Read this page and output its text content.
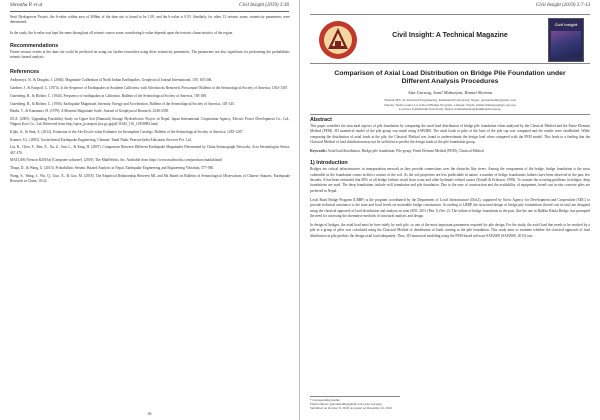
Shrestha P. et al	Civil Insight (2019) 3:36

Sesti Hydropower Project, the b-value within area of 300km of the dam site is found to be 1.09, and the b-value is 0.93. Similarly, for other 12 seismic zones, seismicity parameters were determined.

In the study, the b-value was kept the same throughout all seismic source zones considering b-value depends upon the tectonic characteristics of the region.

Recommendations

Future seismic events at the dam site could be predicted on using our further researches using these seismicity parameters. The parameters are also significant for performing the probabilistic seismic hazard analysis.

References

Ambraseys, N., & Douglas, J. (2004). Magnitude Calibration of North Indian Earthquakes. Geophysical Journal International, 159, 165-206.

Gardner, J., & Knopoff, L. (1974). Is the Sequence of Earthquakes in Southern California, with Aftershocks Removed, Poissonian? Bulletin of the Seismological Society of America, 1363-1367.

Gutenberg, B., & Richter, C. (1944). Frequency of earthquakes in California. Bulletin of the Seismological Society of America, 185-188.

Gutenberg, B., & Richter, C. (1956). Earthquake Magnitude, Intensity, Energy and Acceleration. Bulletin of the Seismological Society of America, 105-145.

Hanks, T., & Kanamori, H. (1979). A Moment Magnitude Scale. Journal of Geophysical Research, 2348-2350.

JICA. (2005). Upgrading Feasibility Study on Upper Seti (Damauli) Storage Hydroelectric Project in Nepal. Japan International Cooperation Agency, Electric Power Development Co., Ltd., Nippon Koei Co., Ltd. Retrieved from http://open_jicareport.jica.go.jp/pdf/11643_116_11858982.html

Kijko, A., & Smit, A. (2012). Extension of the Aki-Utsu b-value Estimator for Incomplete Catalogs. Bulletin of the Seismological Society of America, 1283-1287.

Kramer, S.L. (2005). Geotechnical Earthquake Engineering. Chennai, Tamil Nadu: Pearson India Education Services Pvt. Ltd.

Lin, R., Chen, Y., Ren, X., Xu, Z., Sun, L., & Yang, H. (2007). Comparison Between Different Earthquake Magnitudes Determined by China Seismograph Networks. Acta Seismologica Sinica, 467-476.

MATLAB (Version R2019a) [Computer software]. (2019). The MathWorks, Inc. Available from https://www.mathworks.com/products/matlab.html

Thapa, D., & Wang, G. (2013). Probabilistic Seismic Hazard Analysis in Nepal. Earthquake Engineering and Engineering Vibration, 577-586.

Wang, S., Wang, J., Wu, Q., Guo, X., & Gao, M. (2018). The Empirical Relationship Between ML and Ms Based on Bulletin of Seismological Observations of Chinese Stations. Earthquake Research in China, 10-22.

36
Civil Insight (2019) 3:7-13
Civil Insight: A Technical Magazine
Civil Insight
Comparison of Axial Load Distribution on Bridge Pile Foundation under Different Analysis Procedures
Aita Gurung, Sunil Maharjan, Kamal Sharma
Student MSc in Structural Engineering, Kathmandu University, Nepal, gauranneahil@gmail.com
Deputy Team Leader Local Road Bridge Program, Lalitpur, Nepal, kamal.maharjan@geo.gov.np
Lecturer, Kathmandu University, Nepal, kamalsharma@kathmandu.edu.np
Abstract

This paper considers the structural aspects of pile foundation by comparing the axial load distribution of bridge pile foundation when analyzed by the Classical Method and the Finite Element Method (FEM). 3D numerical model of the pile group was made using SAP2000. The axial loads at piles of the base of the pile cap was computed and the results were established. While comparing the distribution of axial loads at the pile, the Classical Method was found to underestimate the design load when compared with the FEM model. This leads to a finding that the Classical Method of load distribution may not be sufficient to predict the design loads of the pile foundation group.

Keywords: Axial load distribution, Bridge pile foundation, Pile group, Finite Element Method (FEM), Classical Method

1) Introduction

Bridges are critical infrastructures in transportation network as they provide connections over the obstacles like rivers. Among the components of the bridge, bridge foundation is the most vulnerable as the foundation comes in direct contact of the soil. As the soil properties are less predictable in nature, a number of bridge foundations failures have been observed in the past few decades. It has been estimated that 60% of all bridge failures result from scour and other hydraulic-related causes (Kattell & Eriksson, 1998). To counter the scouring problems in bridges, deep foundations are used. The deep foundations include well foundation and pile foundation. Due to the ease of construction and the availability of equipment, bored cast in-situ concrete piles are preferred in Nepal.

Local Road Bridge Program (LRBP) is the program coordinated by the Department of Local Infrastructure (DoLI), supported by Swiss Agency for Development and Cooperation (SDC) to provide technical assistance to the state and local levels on motorable bridge construction. According to LRBP, the structural design of bridge pile foundations (bored cast in-situ) are designed using the classical approach of load distribution and analysis as seen (SDC 2011 (Part 1) (Sec 2). The failure of bridge foundation in the past, like the one in Balkhu Khola Bridge, has prompted the need for assessing the alternative methods of structural analysis and design.

In design of bridges, the axial load must be bore safely by each pile, so one of the most important parameters required for pile design. For the study, the axial load that needs to be resisted by a pile in a group of piles was calculated using the Classical Method of distribution of loads coming to the pile foundation. This study aims to examine whether the classical approach of load distribution in pile predicts the design axial load adequately. Thus, 3D numerical modeling using the FEM-based software SAP2000 (SAP2000, 2015) was

*Corresponding Author
Email address: gauranneahil@gmail.com (Aita Gurung)
Submitted on October 8, 2019; Accepted on December 16, 2019
